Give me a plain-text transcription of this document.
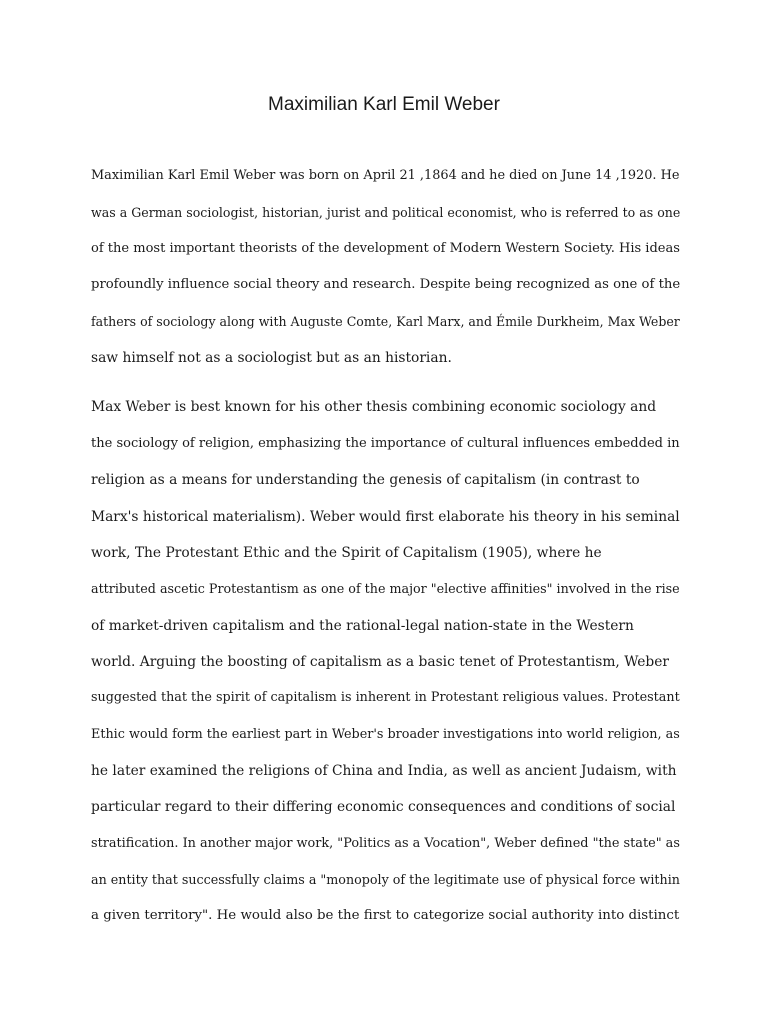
Maximilian Karl Emil Weber
Maximilian Karl Emil Weber was born on April 21 ,1864 and he died on June 14 ,1920. He
was a German sociologist, historian, jurist and political economist, who is referred to as one
of the most important theorists of the development of Modern Western Society. His ideas
profoundly influence social theory and research. Despite being recognized as one of the
fathers of sociology along with Auguste Comte, Karl Marx, and Émile Durkheim, Max Weber
saw himself not as a sociologist but as an historian.
Max Weber is best known for his other thesis combining economic sociology and
the sociology of religion, emphasizing the importance of cultural influences embedded in
religion as a means for understanding the genesis of capitalism (in contrast to
Marx's historical materialism). Weber would first elaborate his theory in his seminal
work, The Protestant Ethic and the Spirit of Capitalism (1905), where he
attributed ascetic Protestantism as one of the major "elective affinities" involved in the rise
of market-driven capitalism and the rational-legal nation-state in the Western
world. Arguing the boosting of capitalism as a basic tenet of Protestantism, Weber
suggested that the spirit of capitalism is inherent in Protestant religious values. Protestant
Ethic would form the earliest part in Weber's broader investigations into world religion, as
he later examined the religions of China and India, as well as ancient Judaism, with
particular regard to their differing economic consequences and conditions of social
stratification. In another major work, "Politics as a Vocation", Weber defined "the state" as
an entity that successfully claims a "monopoly of the legitimate use of physical force within
a given territory". He would also be the first to categorize social authority into distinct
